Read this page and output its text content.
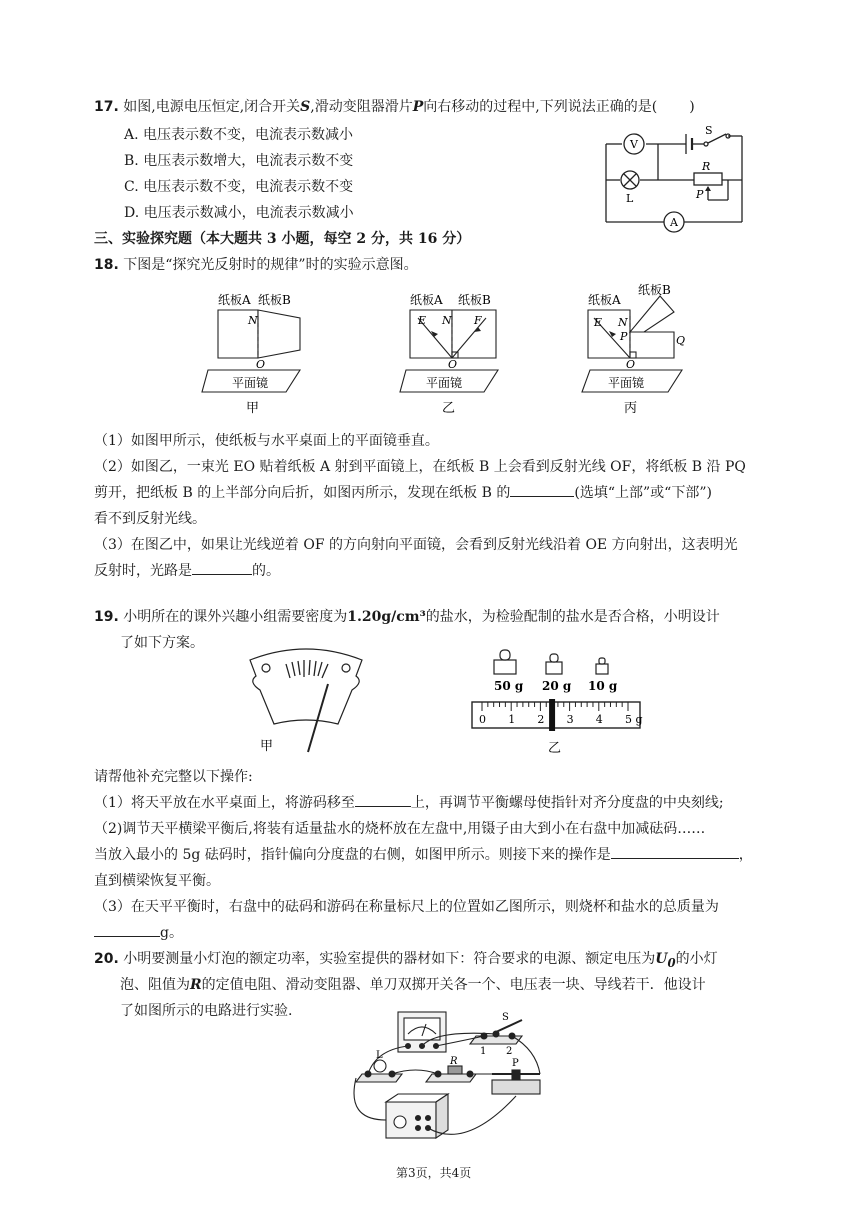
17. 如图,电源电压恒定,闭合开关S,滑动变阻器滑片P向右移动的过程中,下列说法正确的是( )
A. 电压表示数不变，电流表示数减小
B. 电压表示数增大，电流表示数不变
C. 电压表示数不变，电流表示数不变
D. 电压表示数减小，电流表示数减小
V
A
S
L
R
P
三、实验探究题（本大题共 3 小题，每空 2 分，共 16 分）
18. 下图是“探究光反射时的规律”时的实验示意图。
纸板A 纸板B
N
O
平面镜
甲
纸板A 纸板B
E N F
O
平面镜
乙
纸板A
纸板B
E N
P	Q
O
平面镜
丙
（1）如图甲所示，使纸板与水平桌面上的平面镜垂直。
（2）如图乙，一束光 EO 贴着纸板 A 射到平面镜上，在纸板 B 上会看到反射光线 OF，将纸板 B 沿 PQ
剪开，把纸板 B 的上半部分向后折，如图丙所示，发现在纸板 B 的	(选填“上部”或“下部”)
看不到反射光线。
（3）在图乙中，如果让光线逆着 OF 的方向射向平面镜，会看到反射光线沿着 OE 方向射出，这表明光
反射时，光路是	的。
19. 小明所在的课外兴趣小组需要密度为1.20g/cm³的盐水，为检验配制的盐水是否合格，小明设计
了如下方案。
甲
50 g 20 g 10 g
0 1 2 3 4 5 g
乙
请帮他补充完整以下操作:
（1）将天平放在水平桌面上，将游码移至	上，再调节平衡螺母使指针对齐分度盘的中央刻线;
（2)调节天平横梁平衡后,将装有适量盐水的烧杯放在左盘中,用镊子由大到小在右盘中加减砝码……
当放入最小的 5g 砝码时，指针偏向分度盘的右侧，如图甲所示。则接下来的操作是	，
直到横梁恢复平衡。
（3）在天平平衡时，右盘中的砝码和游码在称量标尺上的位置如乙图所示，则烧杯和盐水的总质量为
g。
20. 小明要测量小灯泡的额定功率，实验室提供的器材如下：符合要求的电源、额定电压为$U_0$的小灯
泡、阻值为R的定值电阻、滑动变阻器、单刀双掷开关各一个、电压表一块、导线若干．他设计
了如图所示的电路进行实验.	S
1 2
L
R	P
第3页，共4页
